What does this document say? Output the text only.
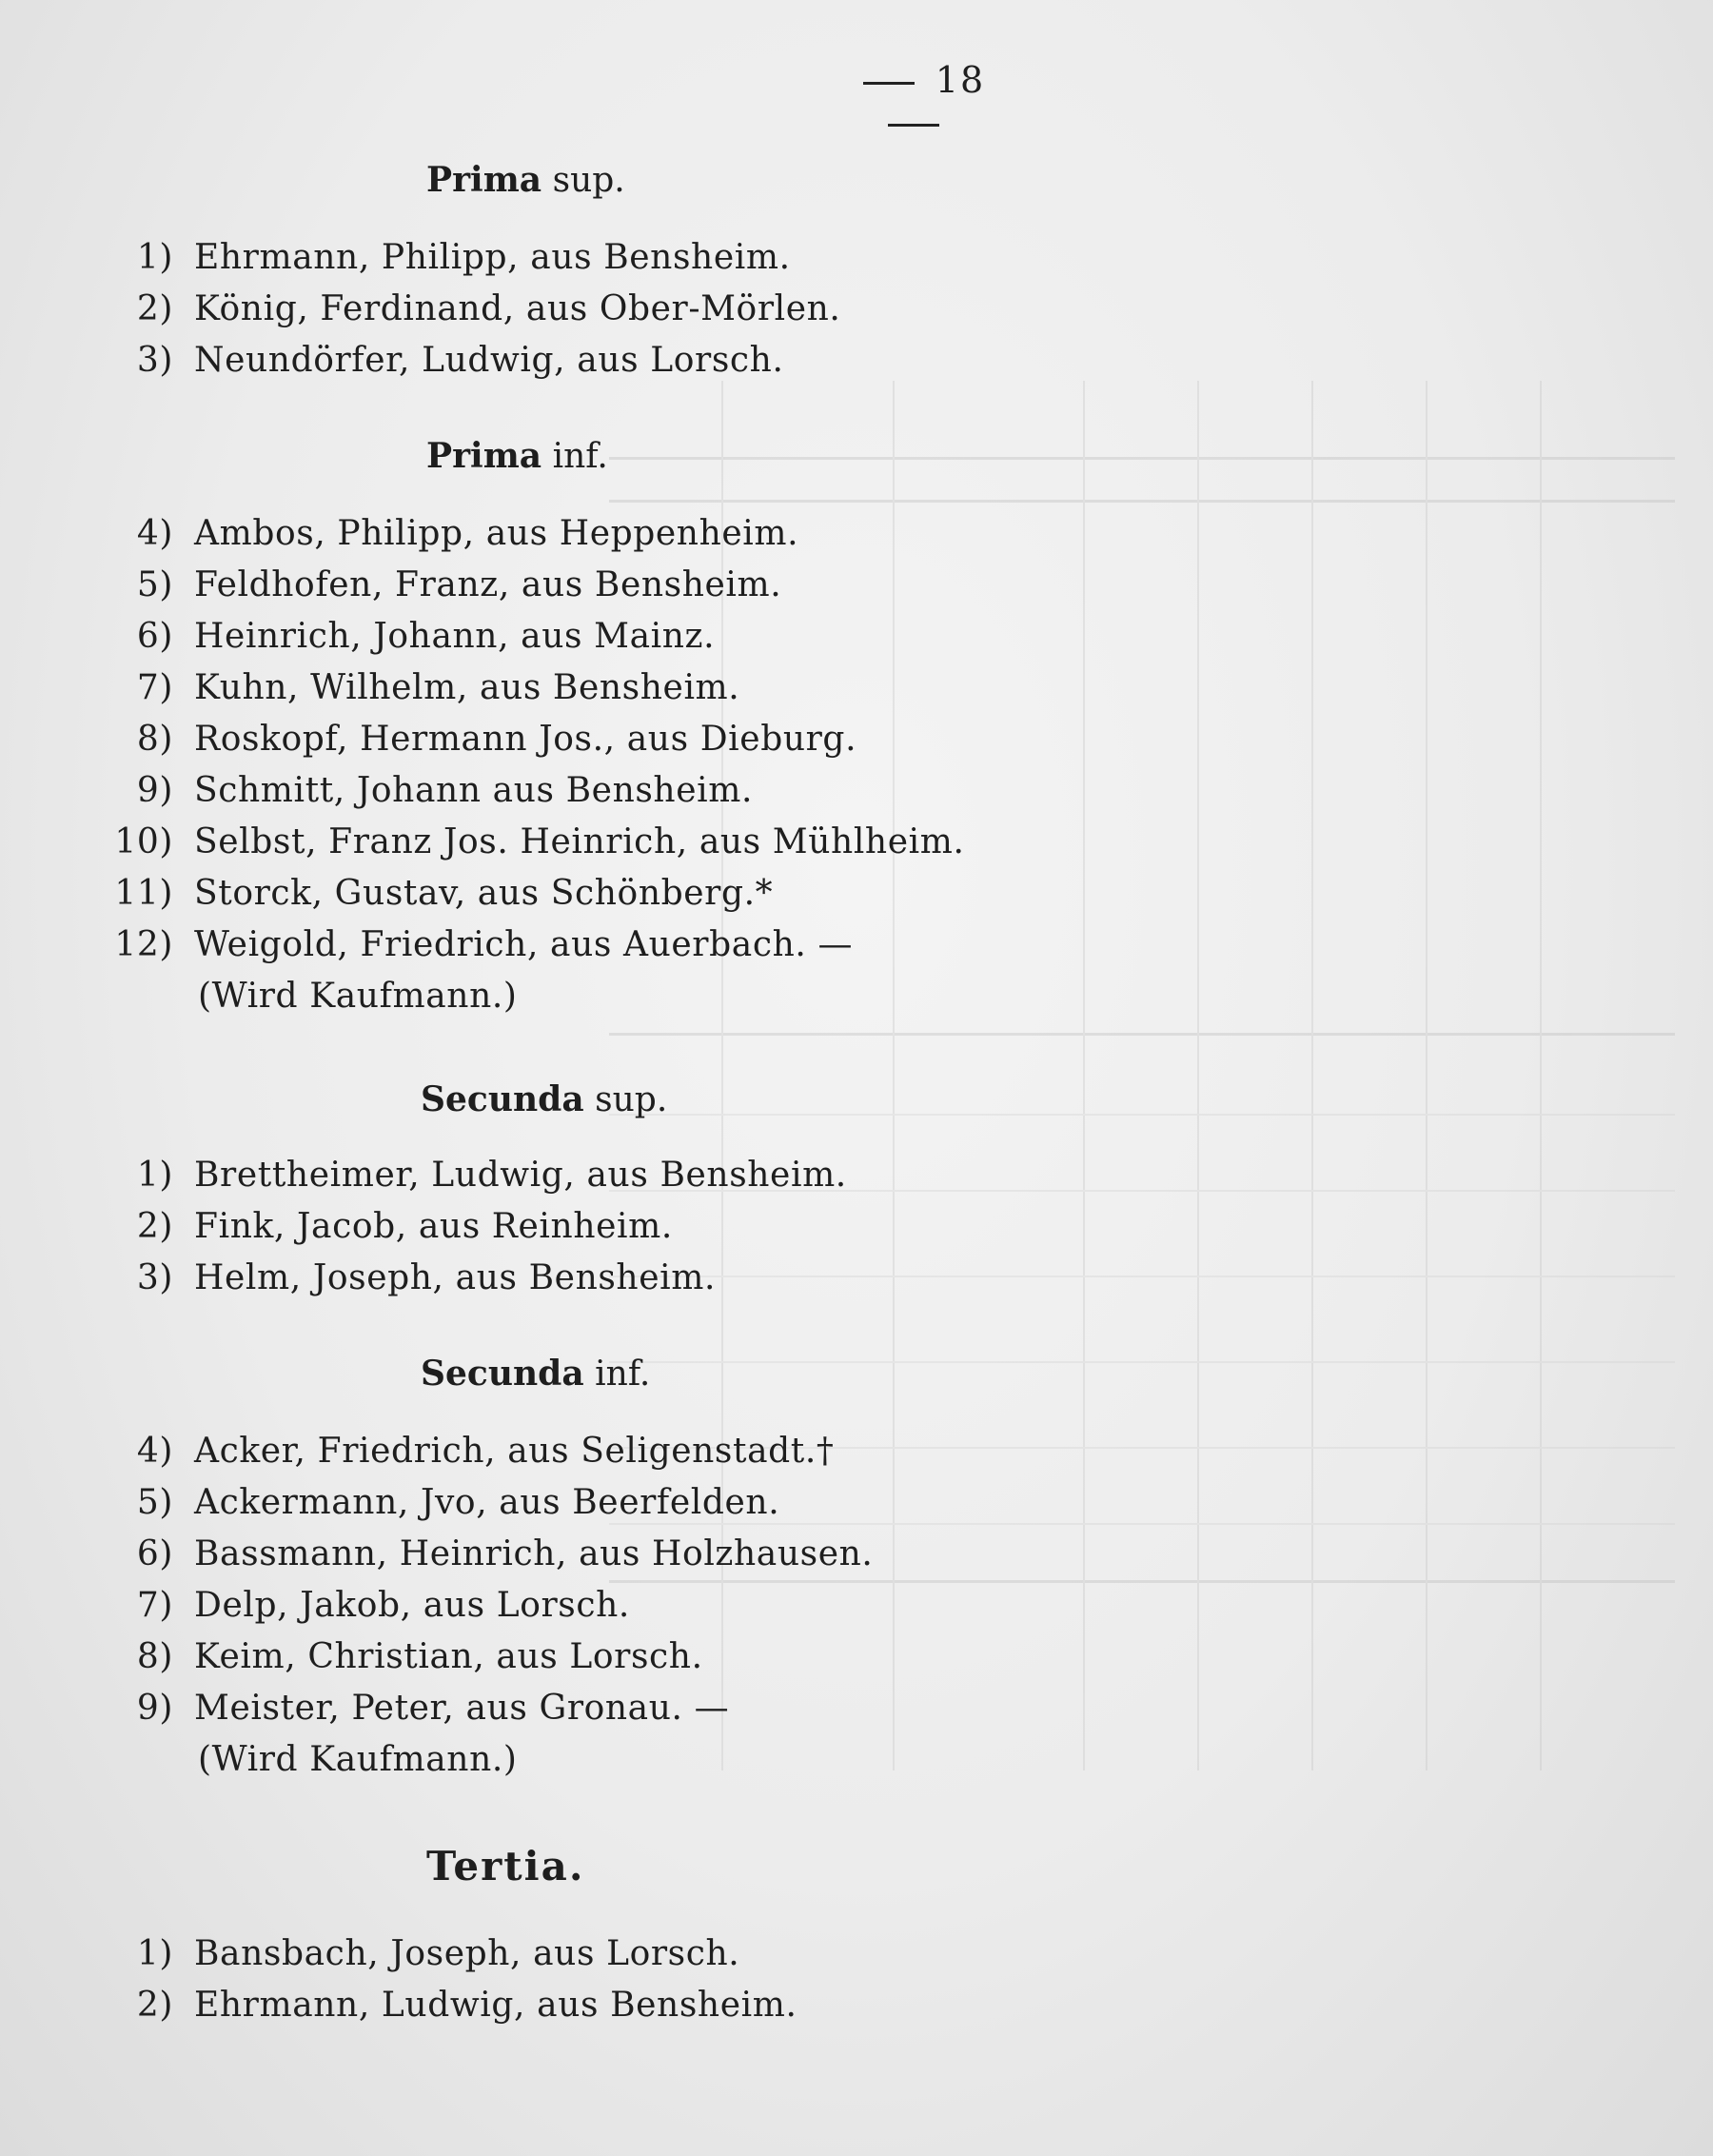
18
Prima sup.
1) Ehrmann, Philipp, aus Bensheim.
2) König, Ferdinand, aus Ober-Mörlen.
3) Neundörfer, Ludwig, aus Lorsch.
Prima inf.
4) Ambos, Philipp, aus Heppenheim.
5) Feldhofen, Franz, aus Bensheim.
6) Heinrich, Johann, aus Mainz.
7) Kuhn, Wilhelm, aus Bensheim.
8) Roskopf, Hermann Jos., aus Dieburg.
9) Schmitt, Johann aus Bensheim.
10) Selbst, Franz Jos. Heinrich, aus Mühlheim.
11) Storck, Gustav, aus Schönberg.*
12) Weigold, Friedrich, aus Auerbach. —
(Wird Kaufmann.)
Secunda sup.
1) Brettheimer, Ludwig, aus Bensheim.
2) Fink, Jacob, aus Reinheim.
3) Helm, Joseph, aus Bensheim.
Secunda inf.
4) Acker, Friedrich, aus Seligenstadt.†
5) Ackermann, Jvo, aus Beerfelden.
6) Bassmann, Heinrich, aus Holzhausen.
7) Delp, Jakob, aus Lorsch.
8) Keim, Christian, aus Lorsch.
9) Meister, Peter, aus Gronau. —
(Wird Kaufmann.)
Tertia.
1) Bansbach, Joseph, aus Lorsch.
2) Ehrmann, Ludwig, aus Bensheim.
